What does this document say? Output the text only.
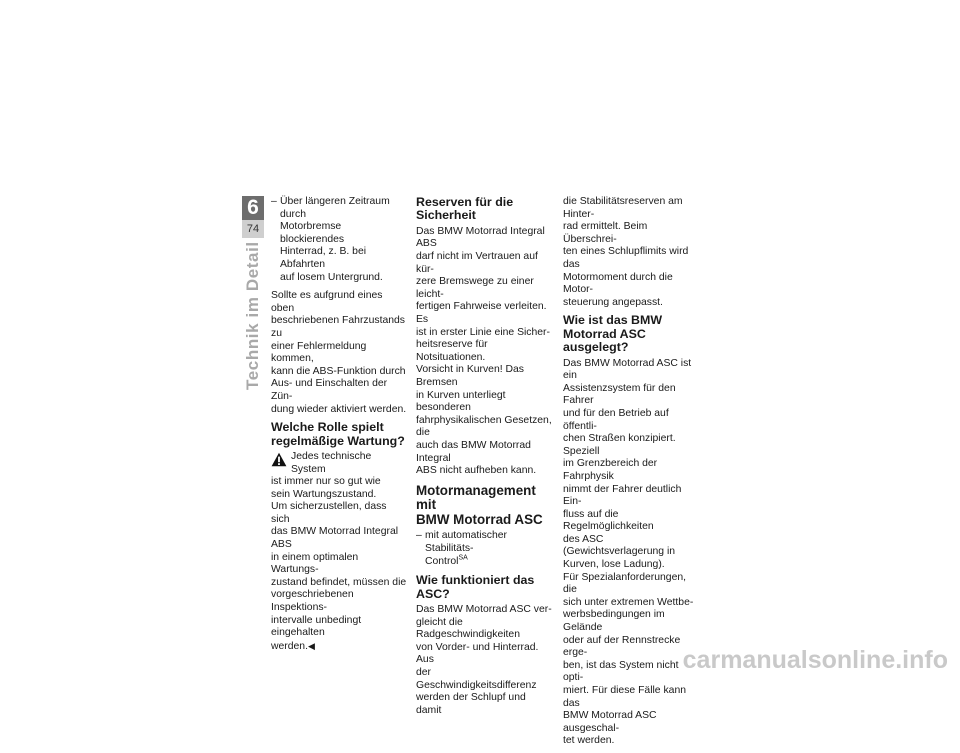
6
74
Technik im Detail
– Über längeren Zeitraum durch
Motorbremse blockierendes
Hinterrad, z. B. bei Abfahrten
auf losem Untergrund.

Sollte es aufgrund eines oben
beschriebenen Fahrzustands zu
einer Fehlermeldung kommen,
kann die ABS-Funktion durch
Aus- und Einschalten der Zün-
dung wieder aktiviert werden.

Welche Rolle spielt
regelmäßige Wartung?
Jedes technische System
ist immer nur so gut wie
sein Wartungszustand.

Um sicherzustellen, dass sich
das BMW Motorrad Integral ABS
in einem optimalen Wartungs-
zustand befindet, müssen die
vorgeschriebenen Inspektions-
intervalle unbedingt eingehalten
werden.◀

Reserven für die
Sicherheit

Das BMW Motorrad Integral ABS
darf nicht im Vertrauen auf kür-
zere Bremswege zu einer leicht-
fertigen Fahrweise verleiten. Es
ist in erster Linie eine Sicher-
heitsreserve für Notsituationen.
Vorsicht in Kurven! Das Bremsen
in Kurven unterliegt besonderen
fahrphysikalischen Gesetzen, die
auch das BMW Motorrad Integral
ABS nicht aufheben kann.

Motormanagement mit
BMW Motorrad ASC
– mit automatischer Stabilitäts-
Control$^{SA}$
Wie funktioniert das ASC?

Das BMW Motorrad ASC ver-
gleicht die Radgeschwindigkeiten
von Vorder- und Hinterrad. Aus
der Geschwindigkeitsdifferenz
werden der Schlupf und damit

die Stabilitätsreserven am Hinter-
rad ermittelt. Beim Überschrei-
ten eines Schlupflimits wird das
Motormoment durch die Motor-
steuerung angepasst.

Wie ist das BMW
Motorrad ASC ausgelegt?

Das BMW Motorrad ASC ist ein
Assistenzsystem für den Fahrer
und für den Betrieb auf öffentli-
chen Straßen konzipiert. Speziell
im Grenzbereich der Fahrphysik
nimmt der Fahrer deutlich Ein-
fluss auf die Regelmöglichkeiten
des ASC (Gewichtsverlagerung in
Kurven, lose Ladung).
Für Spezialanforderungen, die
sich unter extremen Wettbe-
werbsbedingungen im Gelände
oder auf der Rennstrecke erge-
ben, ist das System nicht opti-
miert. Für diese Fälle kann das
BMW Motorrad ASC ausgeschal-
tet werden.

carmanualsonline.info
